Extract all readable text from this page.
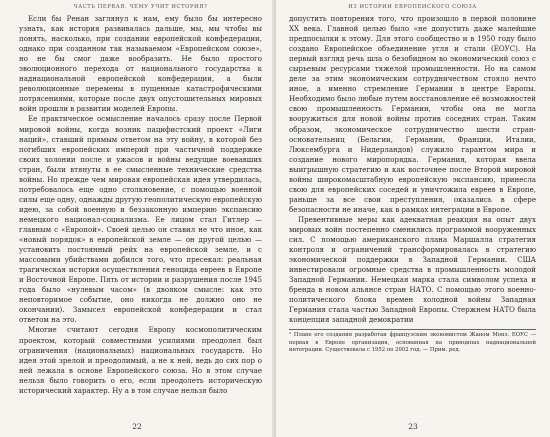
ЧАСТЬ ПЕРВАЯ. ЧЕМУ УЧИТ ИСТОРИЯ?

Если бы Ренан заглянул к нам, ему было бы интересно узнать, как история развивалась дальше, мы, мы чтобы вы понять, насколько, при создании европейской конфедерации, однако при созданном так называемом «Европейском союзе», но не бы смог даже вообразить. Не было простого эволюционного перехода от национального государства к наднациональной европейской конфедерации, а были революционные перемены в пущенные катастрофическими потрясениями, которые после двух опустошительных мировых войн прошли в развитии моделей Европы.

Ее практическое осмысление началось сразу после Первой мировой войны, когда возник пацифистский проект «Лиги наций», ставший прямым ответом на эту войну, в которой без погибших европейских империй при частичной поддержке своих холонии после и ужасов и войны ведущие воевавших стран, были втянуты в ее смысленные технические средства войны. Но прежде чем мировая европейская идея утвердилась, потребовалось еще одно столкновение, с помощью военной силы еще одну, однажды другую геополитическую европейскую идею, за собой военную и беззаконную империю экспансию немецкого национал-социализма. Ее лицом стал Гитлер — главным с «Европой». Своей целью он ставил не что иное, как «новый порядок» в европейской земле — он другой целью — установить постоянный рейх на европейской земле, и с массовыми убийствами добился того, что пресекал: реальная трагическая история осуществления геноцида евреев в Европе и Восточной Европе. Пять от истории и разрушения после 1945 года было «нулевым часом» (в двояком смысле: как это неповторимое событие, оно никогда не должно оно не окончании). Замысел европейской конфедерации и стал ответом на это.

Многие считают сегодня Европу космополитическим проектом, который совместными усилиями преодолел был ограничения (национальных) национальных государств. Но идея этой зрелой и преодолимый, а не к ней, ведь до сих пор о ней лежала в основе Европейского союза. Но в этом случае нельзя было говорить о его, если преодолеть историческую исторический характер. Ну а в том случае нельзя было

22
ИЗ ИСТОРИИ ЕВРОПЕЙСКОГО СОЮЗА

допустить повторения того, что произошло в первой половине XX века. Главной целью было «не допустить даже малейшие предпосылки к этому. Для этого сообщество и в 1950 году было создано Европейское объединение угля и стали (ЕОУС). На первый взгляд речь шла о безобидном во экономический союз с сырьевым ресурсами тяжелой промышленности. Но на самом деле за этим экономическим сотрудничеством стояло нечто иное, а именно стремление Германии в центре Европы. Необходимо было любые путем восстановление её возможностей свою промышленность Германии, чтобы она не могла вооружиться для новой войны против соседних стран. Таким образом, экономическое сотрудничество шести стран-основательниц (Бельгии, Германии, Франции, Италии, Люксембурга и Нидерландов) служило гарантом мира и создание нового миропорядка. Германия, которая ввела выигрышную стратегию и как восточнее после Второй мировой войны широкомасштабную европейскую экспансию, принесла свою для европейских соседей и уничтожила евреев в Европе, раньше за все свои преступления, оказались в сфере безопасности не иначе, как в рамках интеграции в Европе.

Превентивные меры как адекватная реакция на опыт двух мировых войн постепенно сменились программой вооруженных сил. С помощью американского плана Маршалла стратегия контроля и ограничений трансформировалась в стратегию экономической поддержки в Западной Германии. США инвестировали огромные средства в промышленность молодой Западной Германии. Немецкая марка стала символом успеха и бренда в новом альянсе стран НАТО. С помощью этого военно-политического блока времен холодной войны Западная Германия стала частью Западной Европы. Стержнем НАТО была концепция западной демократии

¹ Плане его создания разработан французским экономистом Жаном Монэ. ЕОУС — первая в Европе организация, основанная на принципах наднациональной интеграции. Существовала с 1952 по 2002 год. — Прим. ред.
23
